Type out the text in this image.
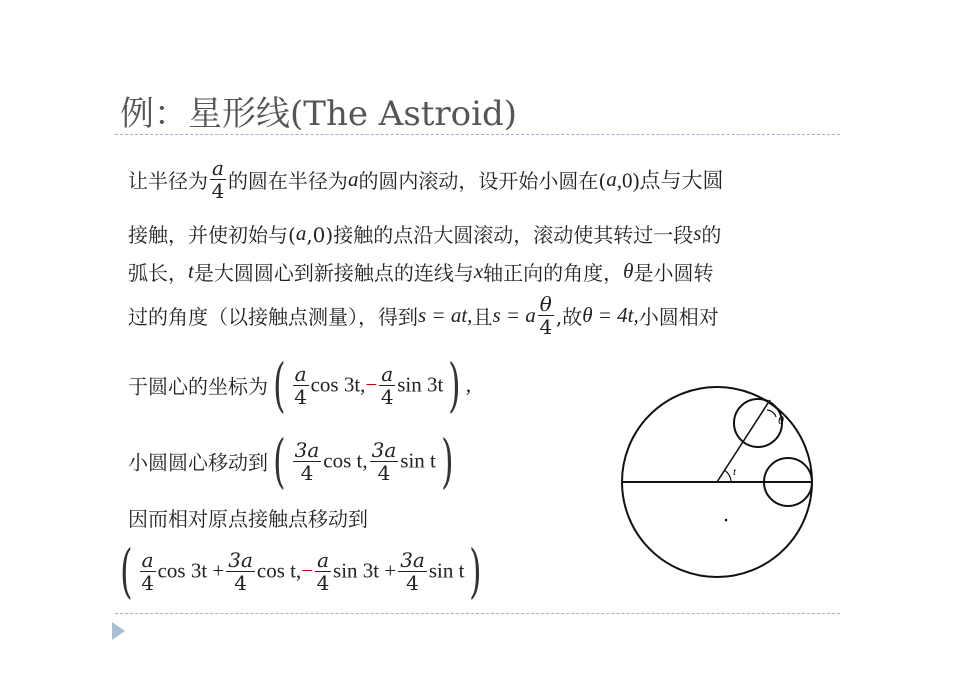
例：星形线(The Astroid)
让半径为 $\frac{a}{4}$ 的圆在半径为a的圆内滚动，设开始小圆在(a,0)点与大圆
接触，并使初始与(a,0)接触的点沿大圆滚动，滚动使其转过一段s的
弧长，t是大圆圆心到新接触点的连线与x轴正向的角度，θ是小圆转
过的角度（以接触点测量），得到s = at,且s = a $\frac{\theta}{4}$ ,故θ = 4t,小圆相对
于圆心的坐标为( $\frac{a}{4}$ $\cos 3t,- \frac{a}{4}$ sin 3t) ,
小圆圆心移动到( $\frac{3a}{4}$ cos t, $\frac{3a}{4}$ sin t)
因而相对原点接触点移动到
( $\frac{a}{4}$ $\cos 3t + \frac{3a}{4}$ $\cos t,- \frac{a}{4}$ $\sin 3t + \frac{3a}{4}$ sin t)
t
θ
